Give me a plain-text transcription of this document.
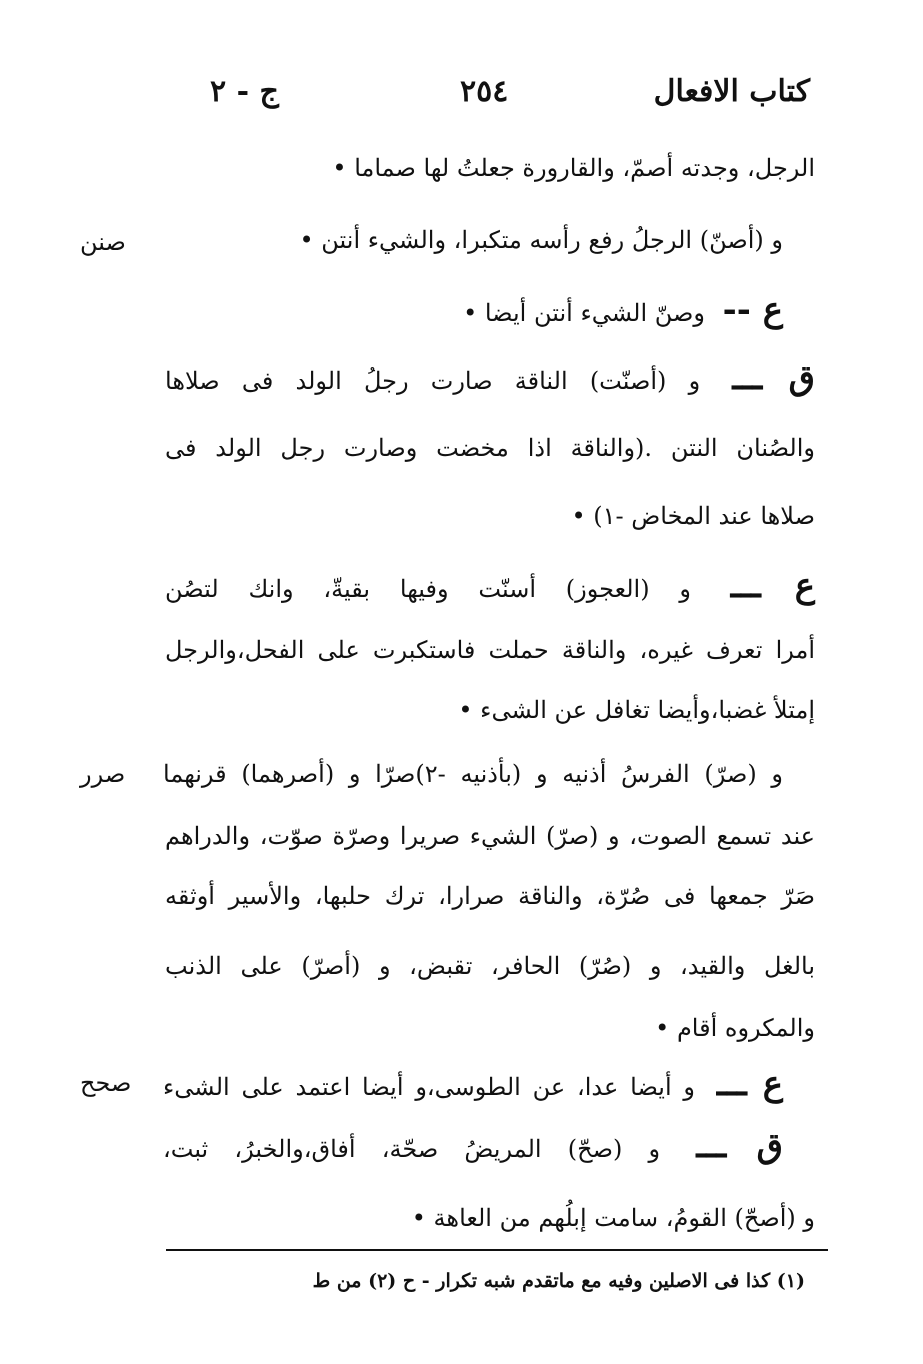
كتاب الافعال
٢٥٤
ج - ٢
صنن
صرر
صحح
الرجل، وجدته أصمّ، والقارورة جعلتُ لها صماما •
و (أصنّ) الرجلُ رفع رأسه متكبرا، والشيء أنتن •
ع -- وصنّ الشيء أنتن أيضا •
ق ـــ و (أصنّت) الناقة صارت رجلُ الولد فى صلاها
والصُنان النتن .(والناقة اذا مخضت وصارت رجل الولد فى
صلاها عند المخاض -١) •
ع ـــ و (العجوز) أسنّت وفيها بقيةّ، وانك لتصُن
أمرا تعرف غيره، والناقة حملت فاستكبرت على الفحل،والرجل
إمتلأ غضبا،وأيضا تغافل عن الشىء •
و (صرّ) الفرسُ أذنيه و (بأذنيه -٢)صرّا و (أصرهما) قرنهما
عند تسمع الصوت، و (صرّ) الشيء صريرا وصرّة صوّت، والدراهم
صَرّ جمعها فى صُرّة، والناقة صرارا، ترك حلبها، والأسير أوثقه
بالغل والقيد، و (صُرّ) الحافر، تقبض، و (أصرّ) على الذنب
والمكروه أقام •
ع ـــ و أيضا عدا، عن الطوسى،و أيضا اعتمد على الشىء
ق ـــ و (صحّ) المريضُ صحّة، أفاق،والخبرُ، ثبت،
و (أصحّ) القومُ، سامت إبلُهم من العاهة •
(١) كذا فى الاصلين وفيه مع ماتقدم شبه تكرار - ح (٢) من ط
